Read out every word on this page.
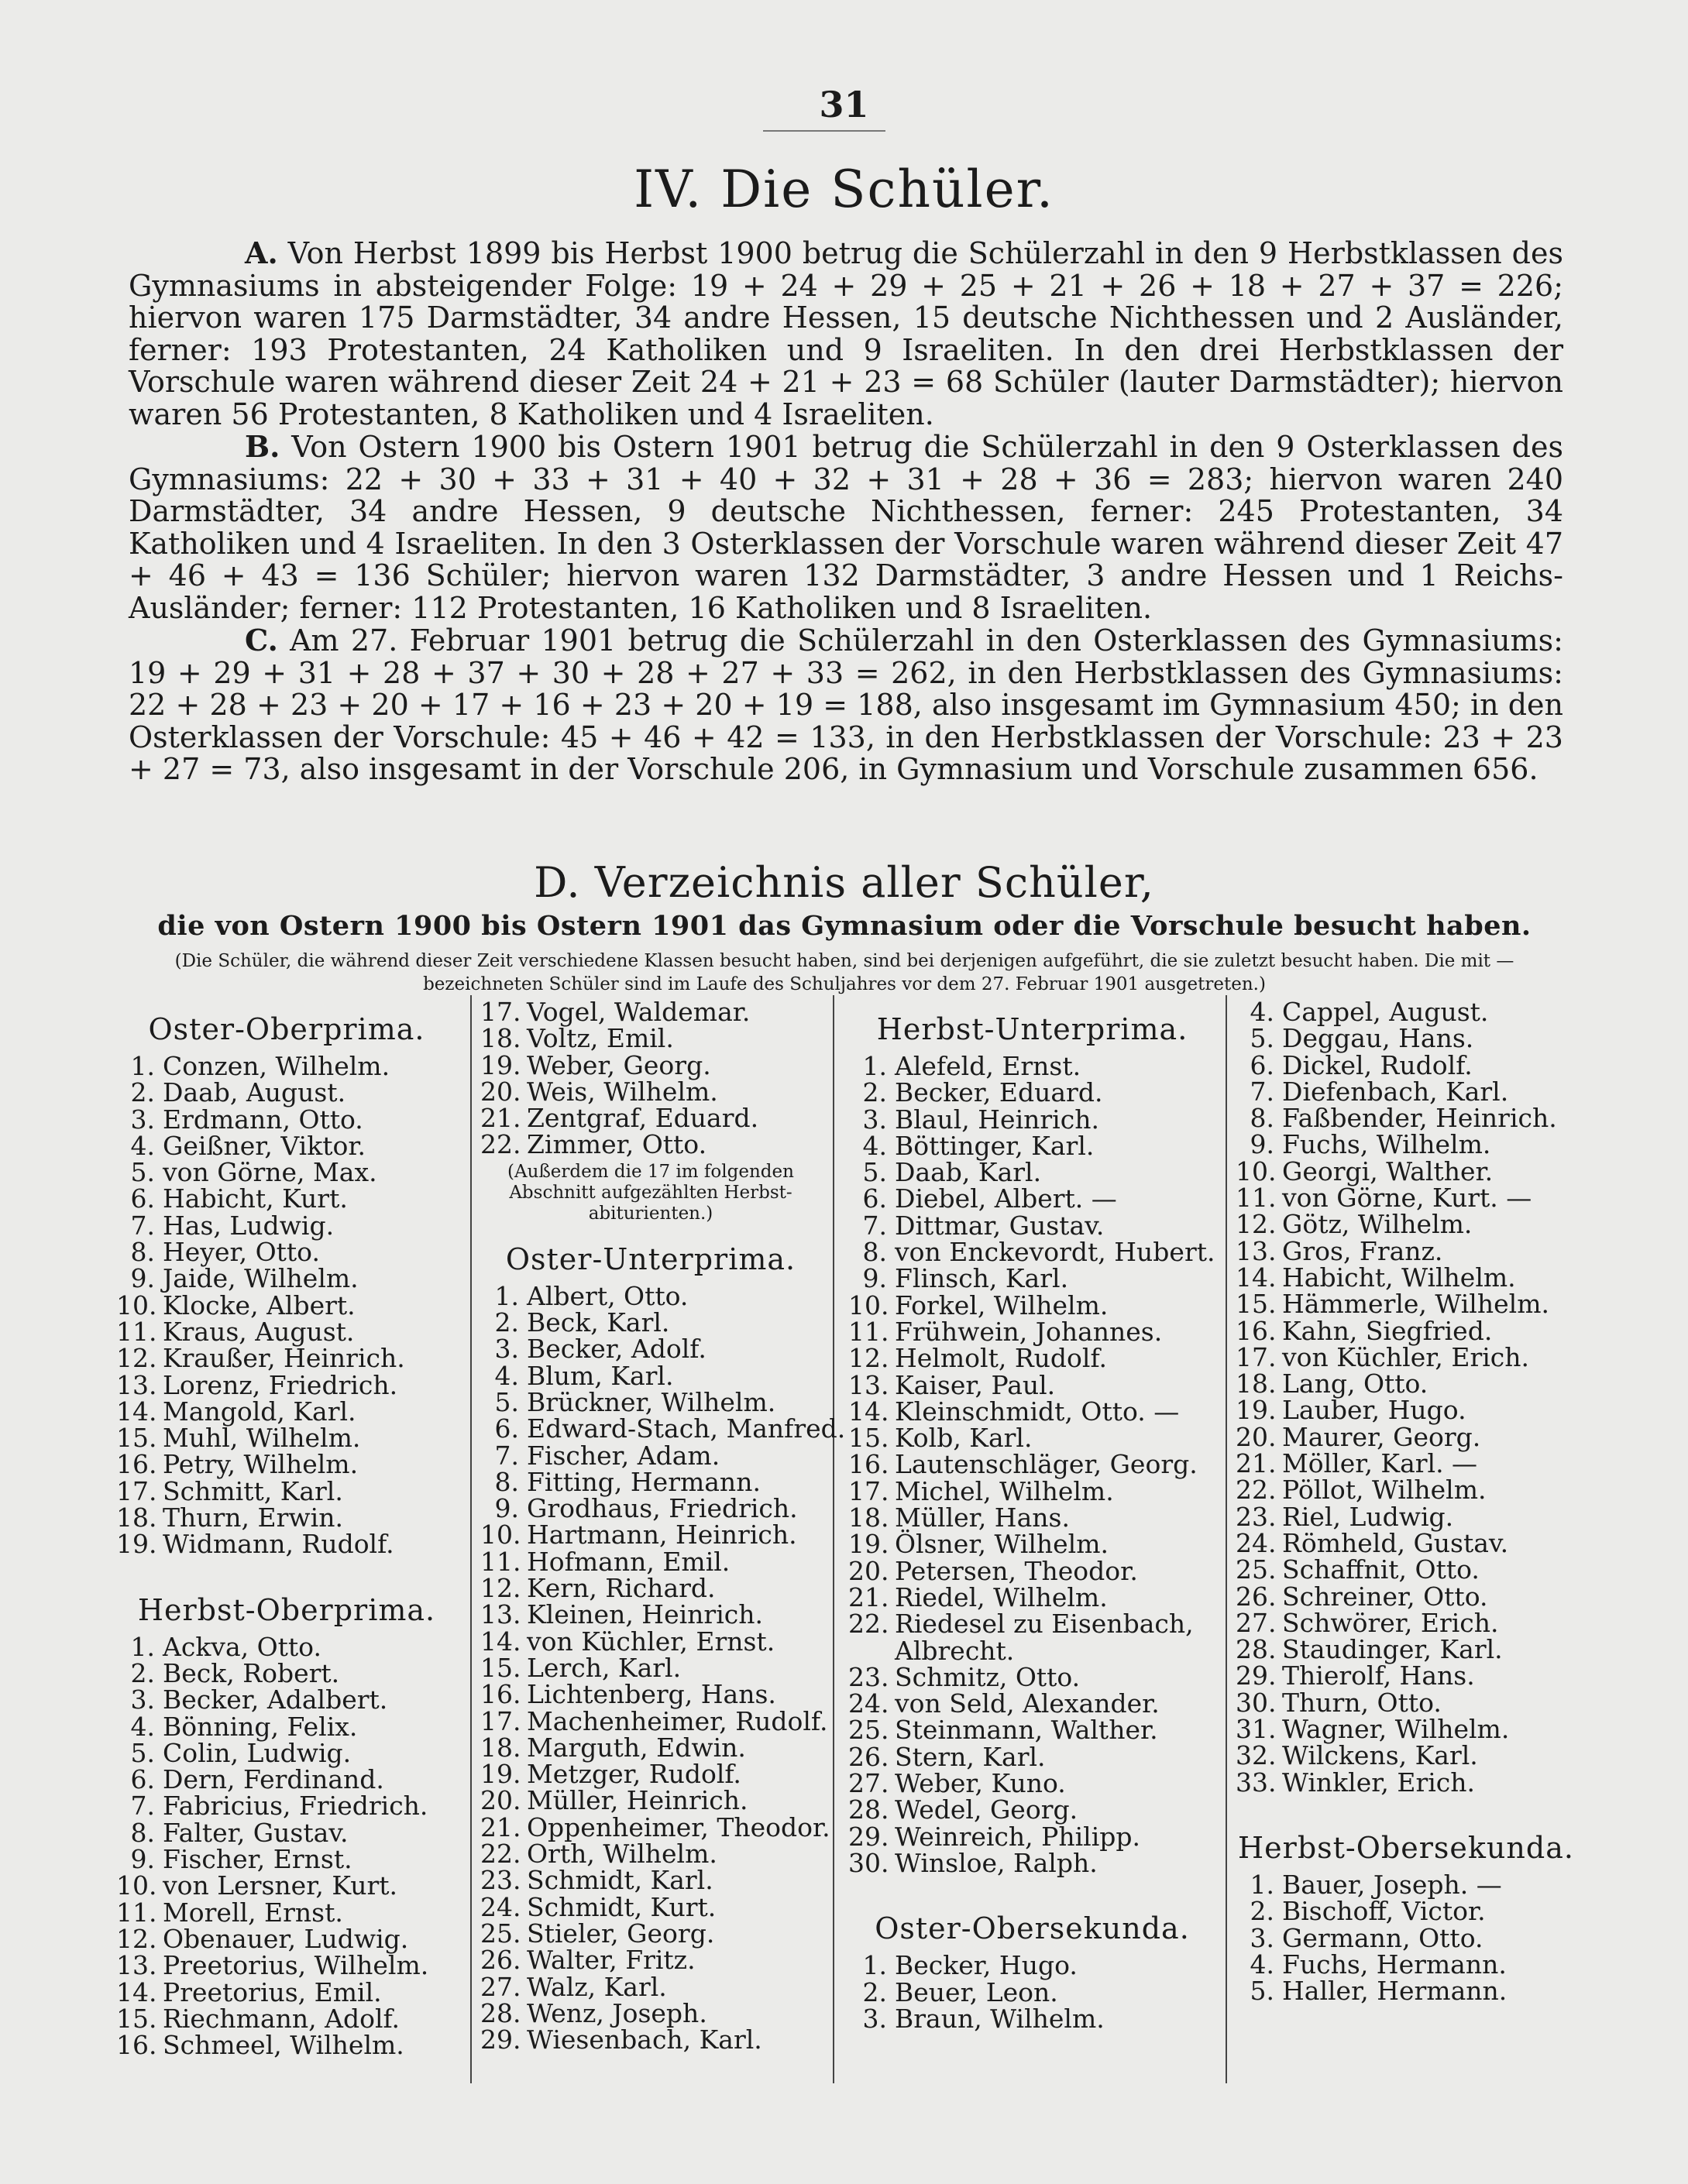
31
IV. Die Schüler.

A. Von Herbst 1899 bis Herbst 1900 betrug die Schülerzahl in den 9 Herbstklassen des Gymnasiums in absteigender Folge: 19 + 24 + 29 + 25 + 21 + 26 + 18 + 27 + 37 = 226; hiervon waren 175 Darmstädter, 34 andre Hessen, 15 deutsche Nichthessen und 2 Ausländer, ferner: 193 Protestanten, 24 Katholiken und 9 Israeliten. In den drei Herbstklassen der Vorschule waren während dieser Zeit 24 + 21 + 23 = 68 Schüler (lauter Darmstädter); hiervon waren 56 Protestanten, 8 Katholiken und 4 Israeliten.

B. Von Ostern 1900 bis Ostern 1901 betrug die Schülerzahl in den 9 Osterklassen des Gymnasiums: 22 + 30 + 33 + 31 + 40 + 32 + 31 + 28 + 36 = 283; hiervon waren 240 Darmstädter, 34 andre Hessen, 9 deutsche Nichthessen, ferner: 245 Protestanten, 34 Katholiken und 4 Israeliten. In den 3 Osterklassen der Vorschule waren während dieser Zeit 47 + 46 + 43 = 136 Schüler; hiervon waren 132 Darmstädter, 3 andre Hessen und 1 Reichs-Ausländer; ferner: 112 Protestanten, 16 Katholiken und 8 Israeliten.

C. Am 27. Februar 1901 betrug die Schülerzahl in den Osterklassen des Gymnasiums: 19 + 29 + 31 + 28 + 37 + 30 + 28 + 27 + 33 = 262, in den Herbstklassen des Gymnasiums: 22 + 28 + 23 + 20 + 17 + 16 + 23 + 20 + 19 = 188, also insgesamt im Gymnasium 450; in den Osterklassen der Vorschule: 45 + 46 + 42 = 133, in den Herbstklassen der Vorschule: 23 + 23 + 27 = 73, also insgesamt in der Vorschule 206, in Gymnasium und Vorschule zusammen 656.

D. Verzeichnis aller Schüler,
die von Ostern 1900 bis Ostern 1901 das Gymnasium oder die Vorschule besucht haben.
(Die Schüler, die während dieser Zeit verschiedene Klassen besucht haben, sind bei derjenigen aufgeführt, die sie zuletzt besucht haben. Die mit — bezeichneten Schüler sind im Laufe des Schuljahres vor dem 27. Februar 1901 ausgetreten.)
Oster-Oberprima.
1. Conzen, Wilhelm.
2. Daab, August.
3. Erdmann, Otto.
4. Geißner, Viktor.
5. von Görne, Max.
6. Habicht, Kurt.
7. Has, Ludwig.
8. Heyer, Otto.
9. Jaide, Wilhelm.
10. Klocke, Albert.
11. Kraus, August.
12. Kraußer, Heinrich.
13. Lorenz, Friedrich.
14. Mangold, Karl.
15. Muhl, Wilhelm.
16. Petry, Wilhelm.
17. Schmitt, Karl.
18. Thurn, Erwin.
19. Widmann, Rudolf.
Herbst-Oberprima.
1. Ackva, Otto.
2. Beck, Robert.
3. Becker, Adalbert.
4. Bönning, Felix.
5. Colin, Ludwig.
6. Dern, Ferdinand.
7. Fabricius, Friedrich.
8. Falter, Gustav.
9. Fischer, Ernst.
10. von Lersner, Kurt.
11. Morell, Ernst.
12. Obenauer, Ludwig.
13. Preetorius, Wilhelm.
14. Preetorius, Emil.
15. Riechmann, Adolf.
16. Schmeel, Wilhelm.
17. Vogel, Waldemar.
18. Voltz, Emil.
19. Weber, Georg.
20. Weis, Wilhelm.
21. Zentgraf, Eduard.
22. Zimmer, Otto.
(Außerdem die 17 im folgenden Abschnitt aufgezählten Herbst-abiturienten.)
Oster-Unterprima.
1. Albert, Otto.
2. Beck, Karl.
3. Becker, Adolf.
4. Blum, Karl.
5. Brückner, Wilhelm.
6. Edward-Stach, Manfred.
7. Fischer, Adam.
8. Fitting, Hermann.
9. Grodhaus, Friedrich.
10. Hartmann, Heinrich.
11. Hofmann, Emil.
12. Kern, Richard.
13. Kleinen, Heinrich.
14. von Küchler, Ernst.
15. Lerch, Karl.
16. Lichtenberg, Hans.
17. Machenheimer, Rudolf.
18. Marguth, Edwin.
19. Metzger, Rudolf.
20. Müller, Heinrich.
21. Oppenheimer, Theodor.
22. Orth, Wilhelm.
23. Schmidt, Karl.
24. Schmidt, Kurt.
25. Stieler, Georg.
26. Walter, Fritz.
27. Walz, Karl.
28. Wenz, Joseph.
29. Wiesenbach, Karl.
Herbst-Unterprima.
1. Alefeld, Ernst.
2. Becker, Eduard.
3. Blaul, Heinrich.
4. Böttinger, Karl.
5. Daab, Karl.
6. Diebel, Albert. —
7. Dittmar, Gustav.
8. von Enckevordt, Hubert.
9. Flinsch, Karl.
10. Forkel, Wilhelm.
11. Frühwein, Johannes.
12. Helmolt, Rudolf.
13. Kaiser, Paul.
14. Kleinschmidt, Otto. —
15. Kolb, Karl.
16. Lautenschläger, Georg.
17. Michel, Wilhelm.
18. Müller, Hans.
19. Ölsner, Wilhelm.
20. Petersen, Theodor.
21. Riedel, Wilhelm.
22. Riedesel zu Eisenbach,
Albrecht.
23. Schmitz, Otto.
24. von Seld, Alexander.
25. Steinmann, Walther.
26. Stern, Karl.
27. Weber, Kuno.
28. Wedel, Georg.
29. Weinreich, Philipp.
30. Winsloe, Ralph.
Oster-Obersekunda.
1. Becker, Hugo.
2. Beuer, Leon.
3. Braun, Wilhelm.
4. Cappel, August.
5. Deggau, Hans.
6. Dickel, Rudolf.
7. Diefenbach, Karl.
8. Faßbender, Heinrich.
9. Fuchs, Wilhelm.
10. Georgi, Walther.
11. von Görne, Kurt. —
12. Götz, Wilhelm.
13. Gros, Franz.
14. Habicht, Wilhelm.
15. Hämmerle, Wilhelm.
16. Kahn, Siegfried.
17. von Küchler, Erich.
18. Lang, Otto.
19. Lauber, Hugo.
20. Maurer, Georg.
21. Möller, Karl. —
22. Pöllot, Wilhelm.
23. Riel, Ludwig.
24. Römheld, Gustav.
25. Schaffnit, Otto.
26. Schreiner, Otto.
27. Schwörer, Erich.
28. Staudinger, Karl.
29. Thierolf, Hans.
30. Thurn, Otto.
31. Wagner, Wilhelm.
32. Wilckens, Karl.
33. Winkler, Erich.
Herbst-Obersekunda.
1. Bauer, Joseph. —
2. Bischoff, Victor.
3. Germann, Otto.
4. Fuchs, Hermann.
5. Haller, Hermann.
